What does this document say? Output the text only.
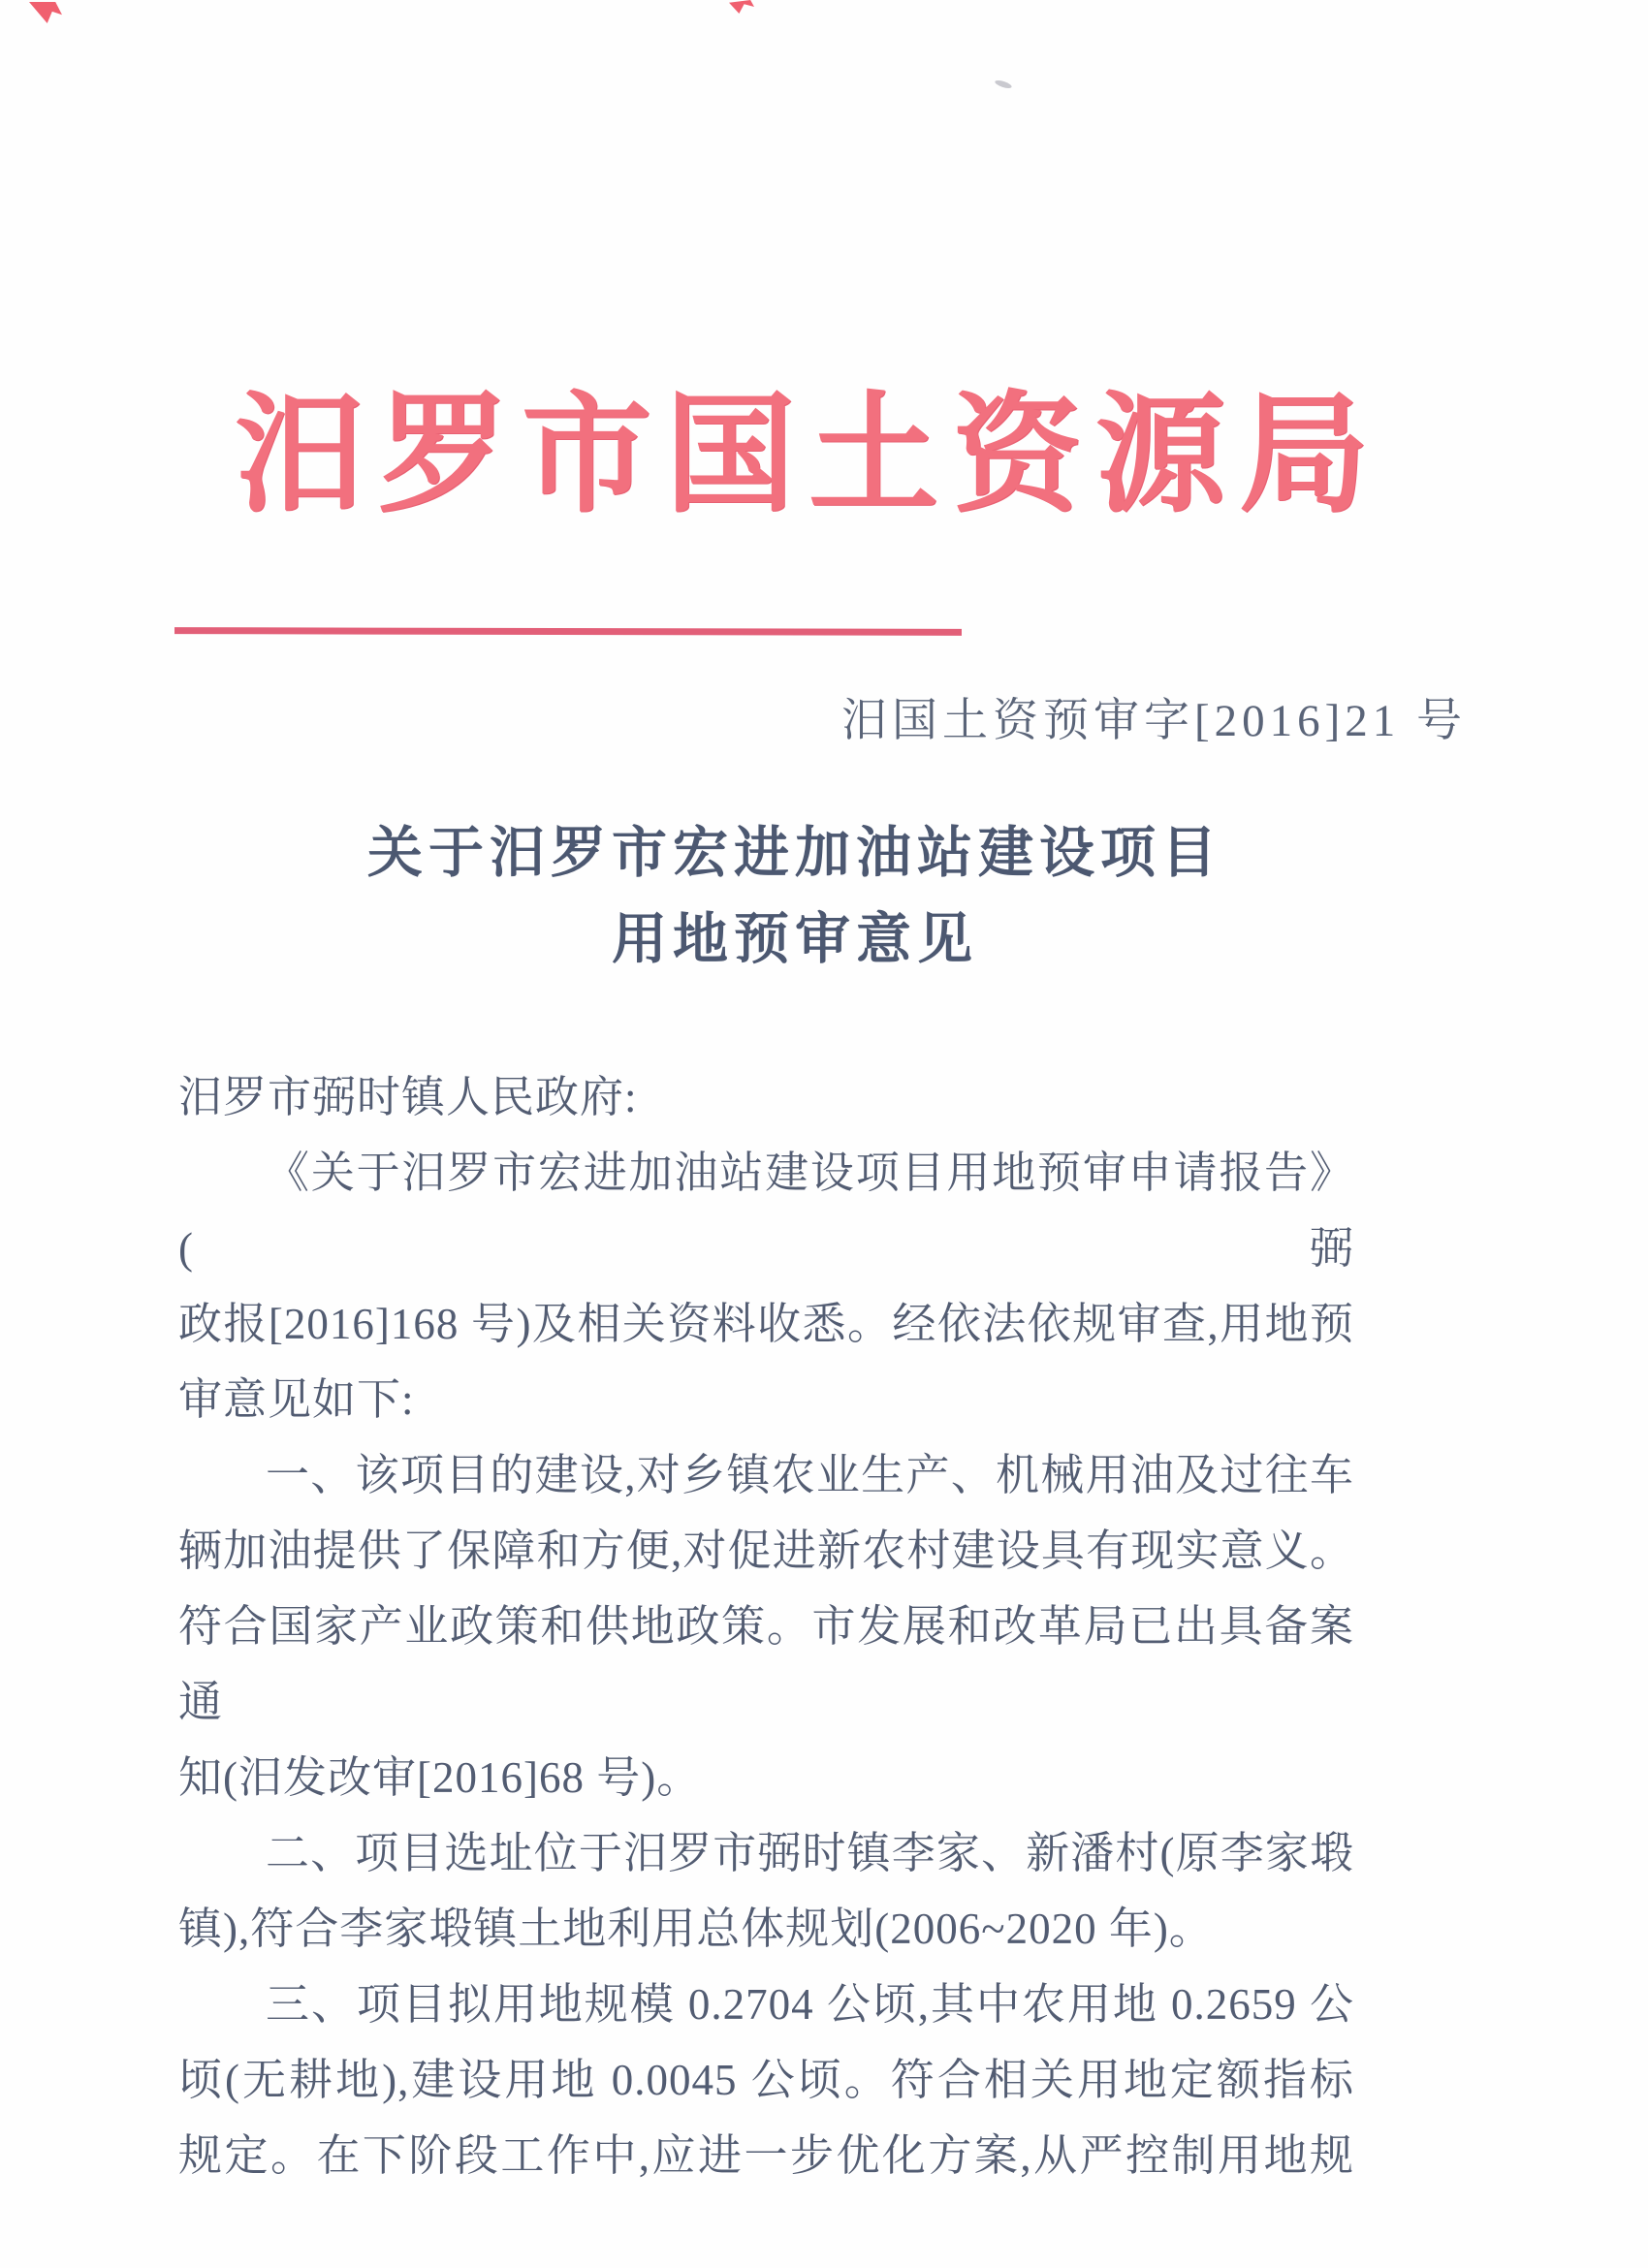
汨罗市国土资源局
汨国土资预审字[2016]21 号
关于汨罗市宏进加油站建设项目
用地预审意见
汨罗市弼时镇人民政府:
《关于汨罗市宏进加油站建设项目用地预审申请报告》(弼
政报[2016]168 号)及相关资料收悉。经依法依规审查,用地预
审意见如下:
一、该项目的建设,对乡镇农业生产、机械用油及过往车
辆加油提供了保障和方便,对促进新农村建设具有现实意义。
符合国家产业政策和供地政策。市发展和改革局已出具备案通
知(汨发改审[2016]68 号)。
二、项目选址位于汨罗市弼时镇李家、新潘村(原李家塅
镇),符合李家塅镇土地利用总体规划(2006~2020 年)。
三、项目拟用地规模 0.2704 公顷,其中农用地 0.2659 公
顷(无耕地),建设用地 0.0045 公顷。符合相关用地定额指标
规定。在下阶段工作中,应进一步优化方案,从严控制用地规
